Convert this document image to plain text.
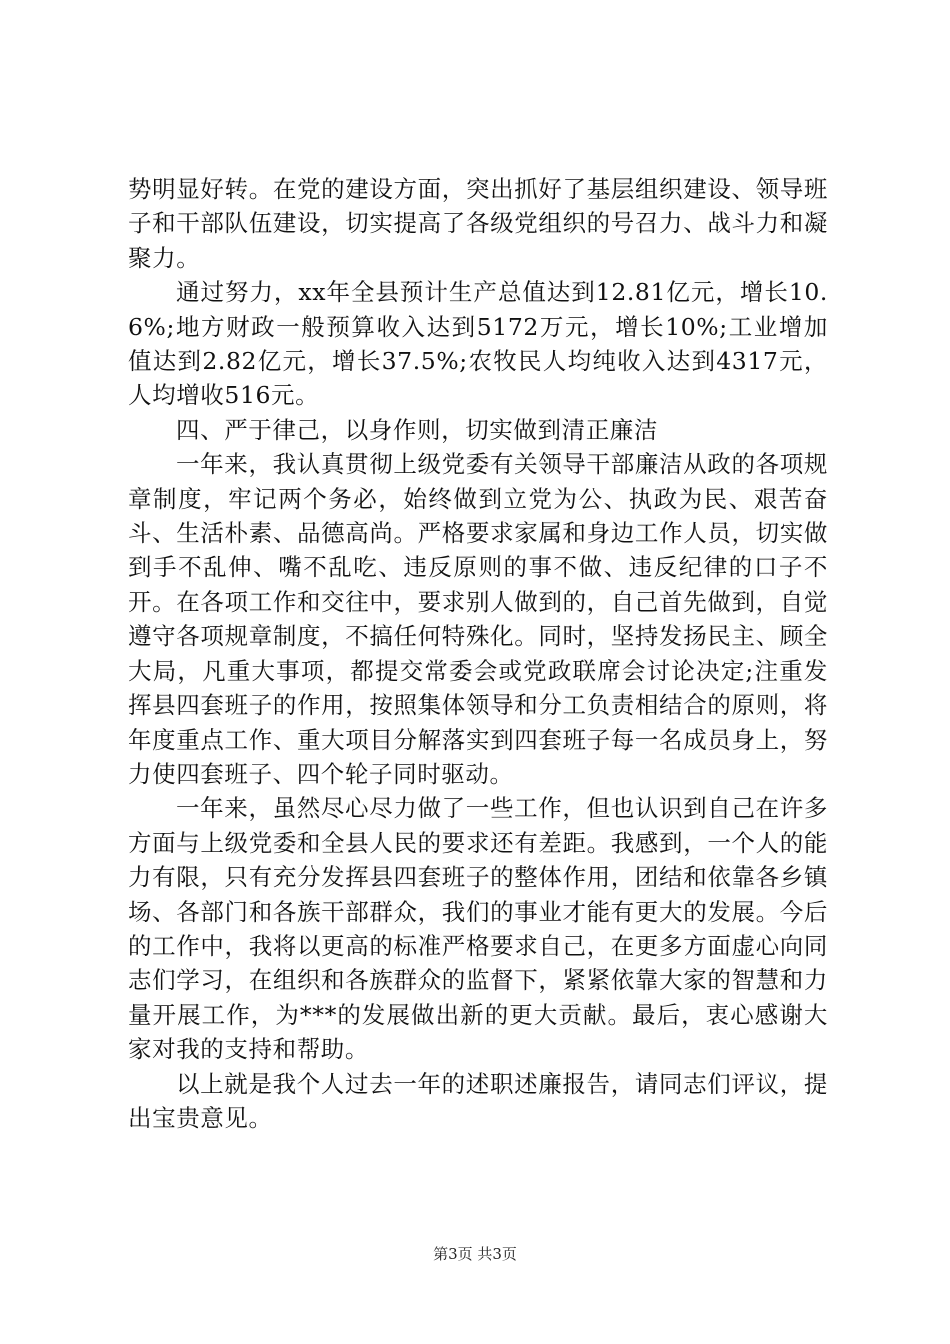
势明显好转。在党的建设方面，突出抓好了基层组织建设、领导班子和干部队伍建设，切实提高了各级党组织的号召力、战斗力和凝聚力。

通过努力，xx年全县预计生产总值达到12.81亿元，增长10.6%;地方财政一般预算收入达到5172万元，增长10%;工业增加值达到2.82亿元，增长37.5%;农牧民人均纯收入达到4317元，人均增收516元。

四、严于律己，以身作则，切实做到清正廉洁

一年来，我认真贯彻上级党委有关领导干部廉洁从政的各项规章制度，牢记两个务必，始终做到立党为公、执政为民、艰苦奋斗、生活朴素、品德高尚。严格要求家属和身边工作人员，切实做到手不乱伸、嘴不乱吃、违反原则的事不做、违反纪律的口子不开。在各项工作和交往中，要求别人做到的，自己首先做到，自觉遵守各项规章制度，不搞任何特殊化。同时，坚持发扬民主、顾全大局，凡重大事项，都提交常委会或党政联席会讨论决定;注重发挥县四套班子的作用，按照集体领导和分工负责相结合的原则，将年度重点工作、重大项目分解落实到四套班子每一名成员身上，努力使四套班子、四个轮子同时驱动。

一年来，虽然尽心尽力做了一些工作，但也认识到自己在许多方面与上级党委和全县人民的要求还有差距。我感到，一个人的能力有限，只有充分发挥县四套班子的整体作用，团结和依靠各乡镇场、各部门和各族干部群众，我们的事业才能有更大的发展。今后的工作中，我将以更高的标准严格要求自己，在更多方面虚心向同志们学习，在组织和各族群众的监督下，紧紧依靠大家的智慧和力量开展工作，为***的发展做出新的更大贡献。最后，衷心感谢大家对我的支持和帮助。

以上就是我个人过去一年的述职述廉报告，请同志们评议，提出宝贵意见。

第3页 共3页
